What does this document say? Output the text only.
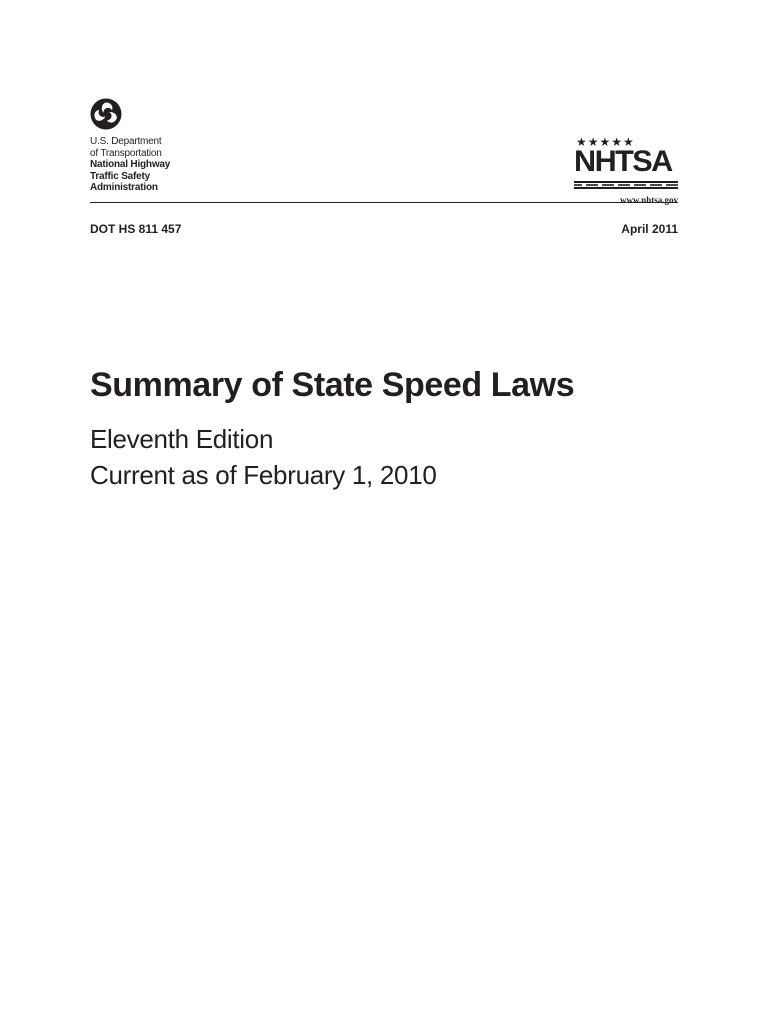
U.S. Department
of Transportation
National Highway
Traffic Safety
Administration
★★★★★
NHTSA
www.nhtsa.gov
DOT HS 811 457	April 2011
Summary of State Speed Laws
Eleventh Edition
Current as of February 1, 2010
